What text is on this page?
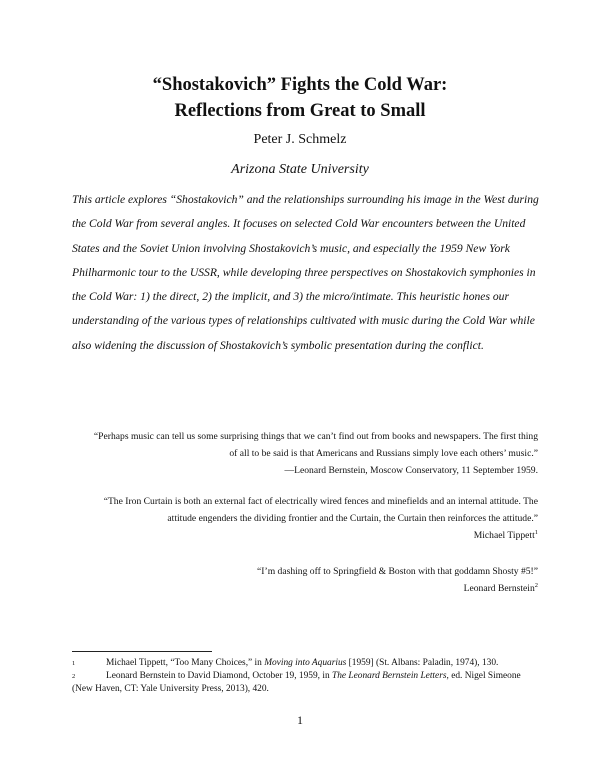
“Shostakovich” Fights the Cold War:
Reflections from Great to Small
Peter J. Schmelz
Arizona State University

This article explores “Shostakovich” and the relationships surrounding his image in the West during the Cold War from several angles. It focuses on selected Cold War encounters between the United States and the Soviet Union involving Shostakovich’s music, and especially the 1959 New York Philharmonic tour to the USSR, while developing three perspectives on Shostakovich symphonies in the Cold War: 1) the direct, 2) the implicit, and 3) the micro/intimate. This heuristic hones our understanding of the various types of relationships cultivated with music during the Cold War while also widening the discussion of Shostakovich’s symbolic presentation during the conflict.

“Perhaps music can tell us some surprising things that we can’t find out from books and newspapers. The first thing

of all to be said is that Americans and Russians simply love each others’ music.”

—Leonard Bernstein, Moscow Conservatory, 11 September 1959.

“The Iron Curtain is both an external fact of electrically wired fences and minefields and an internal attitude. The

attitude engenders the dividing frontier and the Curtain, the Curtain then reinforces the attitude.”

Michael Tippett$^1$

“I’m dashing off to Springfield & Boston with that goddamn Shosty #5!”

Leonard Bernstein$^2$

1	Michael Tippett, “Too Many Choices,” in Moving into Aquarius [1959] (St. Albans: Paladin, 1974), 130.
2	Leonard Bernstein to David Diamond, October 19, 1959, in The Leonard Bernstein Letters, ed. Nigel Simeone (New Haven, CT: Yale University Press, 2013), 420.
1
